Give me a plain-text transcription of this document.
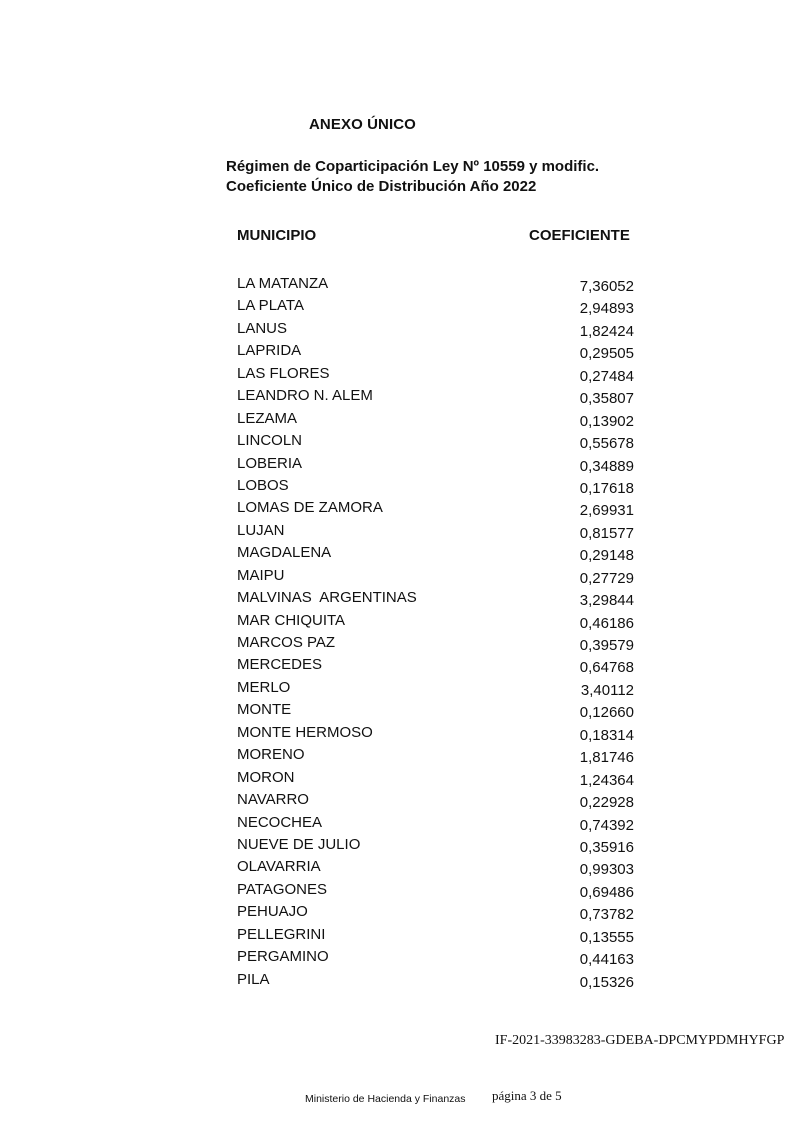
ANEXO ÚNICO
Régimen de Coparticipación Ley Nº 10559 y modific.
Coeficiente Único de Distribución Año 2022
MUNICIPIO	COEFICIENTE
LA MATANZA	7,36052
LA PLATA	2,94893
LANUS	1,82424
LAPRIDA	0,29505
LAS FLORES	0,27484
LEANDRO N. ALEM	0,35807
LEZAMA	0,13902
LINCOLN	0,55678
LOBERIA	0,34889
LOBOS	0,17618
LOMAS DE ZAMORA	2,69931
LUJAN	0,81577
MAGDALENA	0,29148
MAIPU	0,27729
MALVINAS  ARGENTINAS	3,29844
MAR CHIQUITA	0,46186
MARCOS PAZ	0,39579
MERCEDES	0,64768
MERLO	3,40112
MONTE	0,12660
MONTE HERMOSO	0,18314
MORENO	1,81746
MORON	1,24364
NAVARRO	0,22928
NECOCHEA	0,74392
NUEVE DE JULIO	0,35916
OLAVARRIA	0,99303
PATAGONES	0,69486
PEHUAJO	0,73782
PELLEGRINI	0,13555
PERGAMINO	0,44163
PILA	0,15326
IF-2021-33983283-GDEBA-DPCMYPDMHYFGP
Ministerio de Hacienda y Finanzas página 3 de 5
